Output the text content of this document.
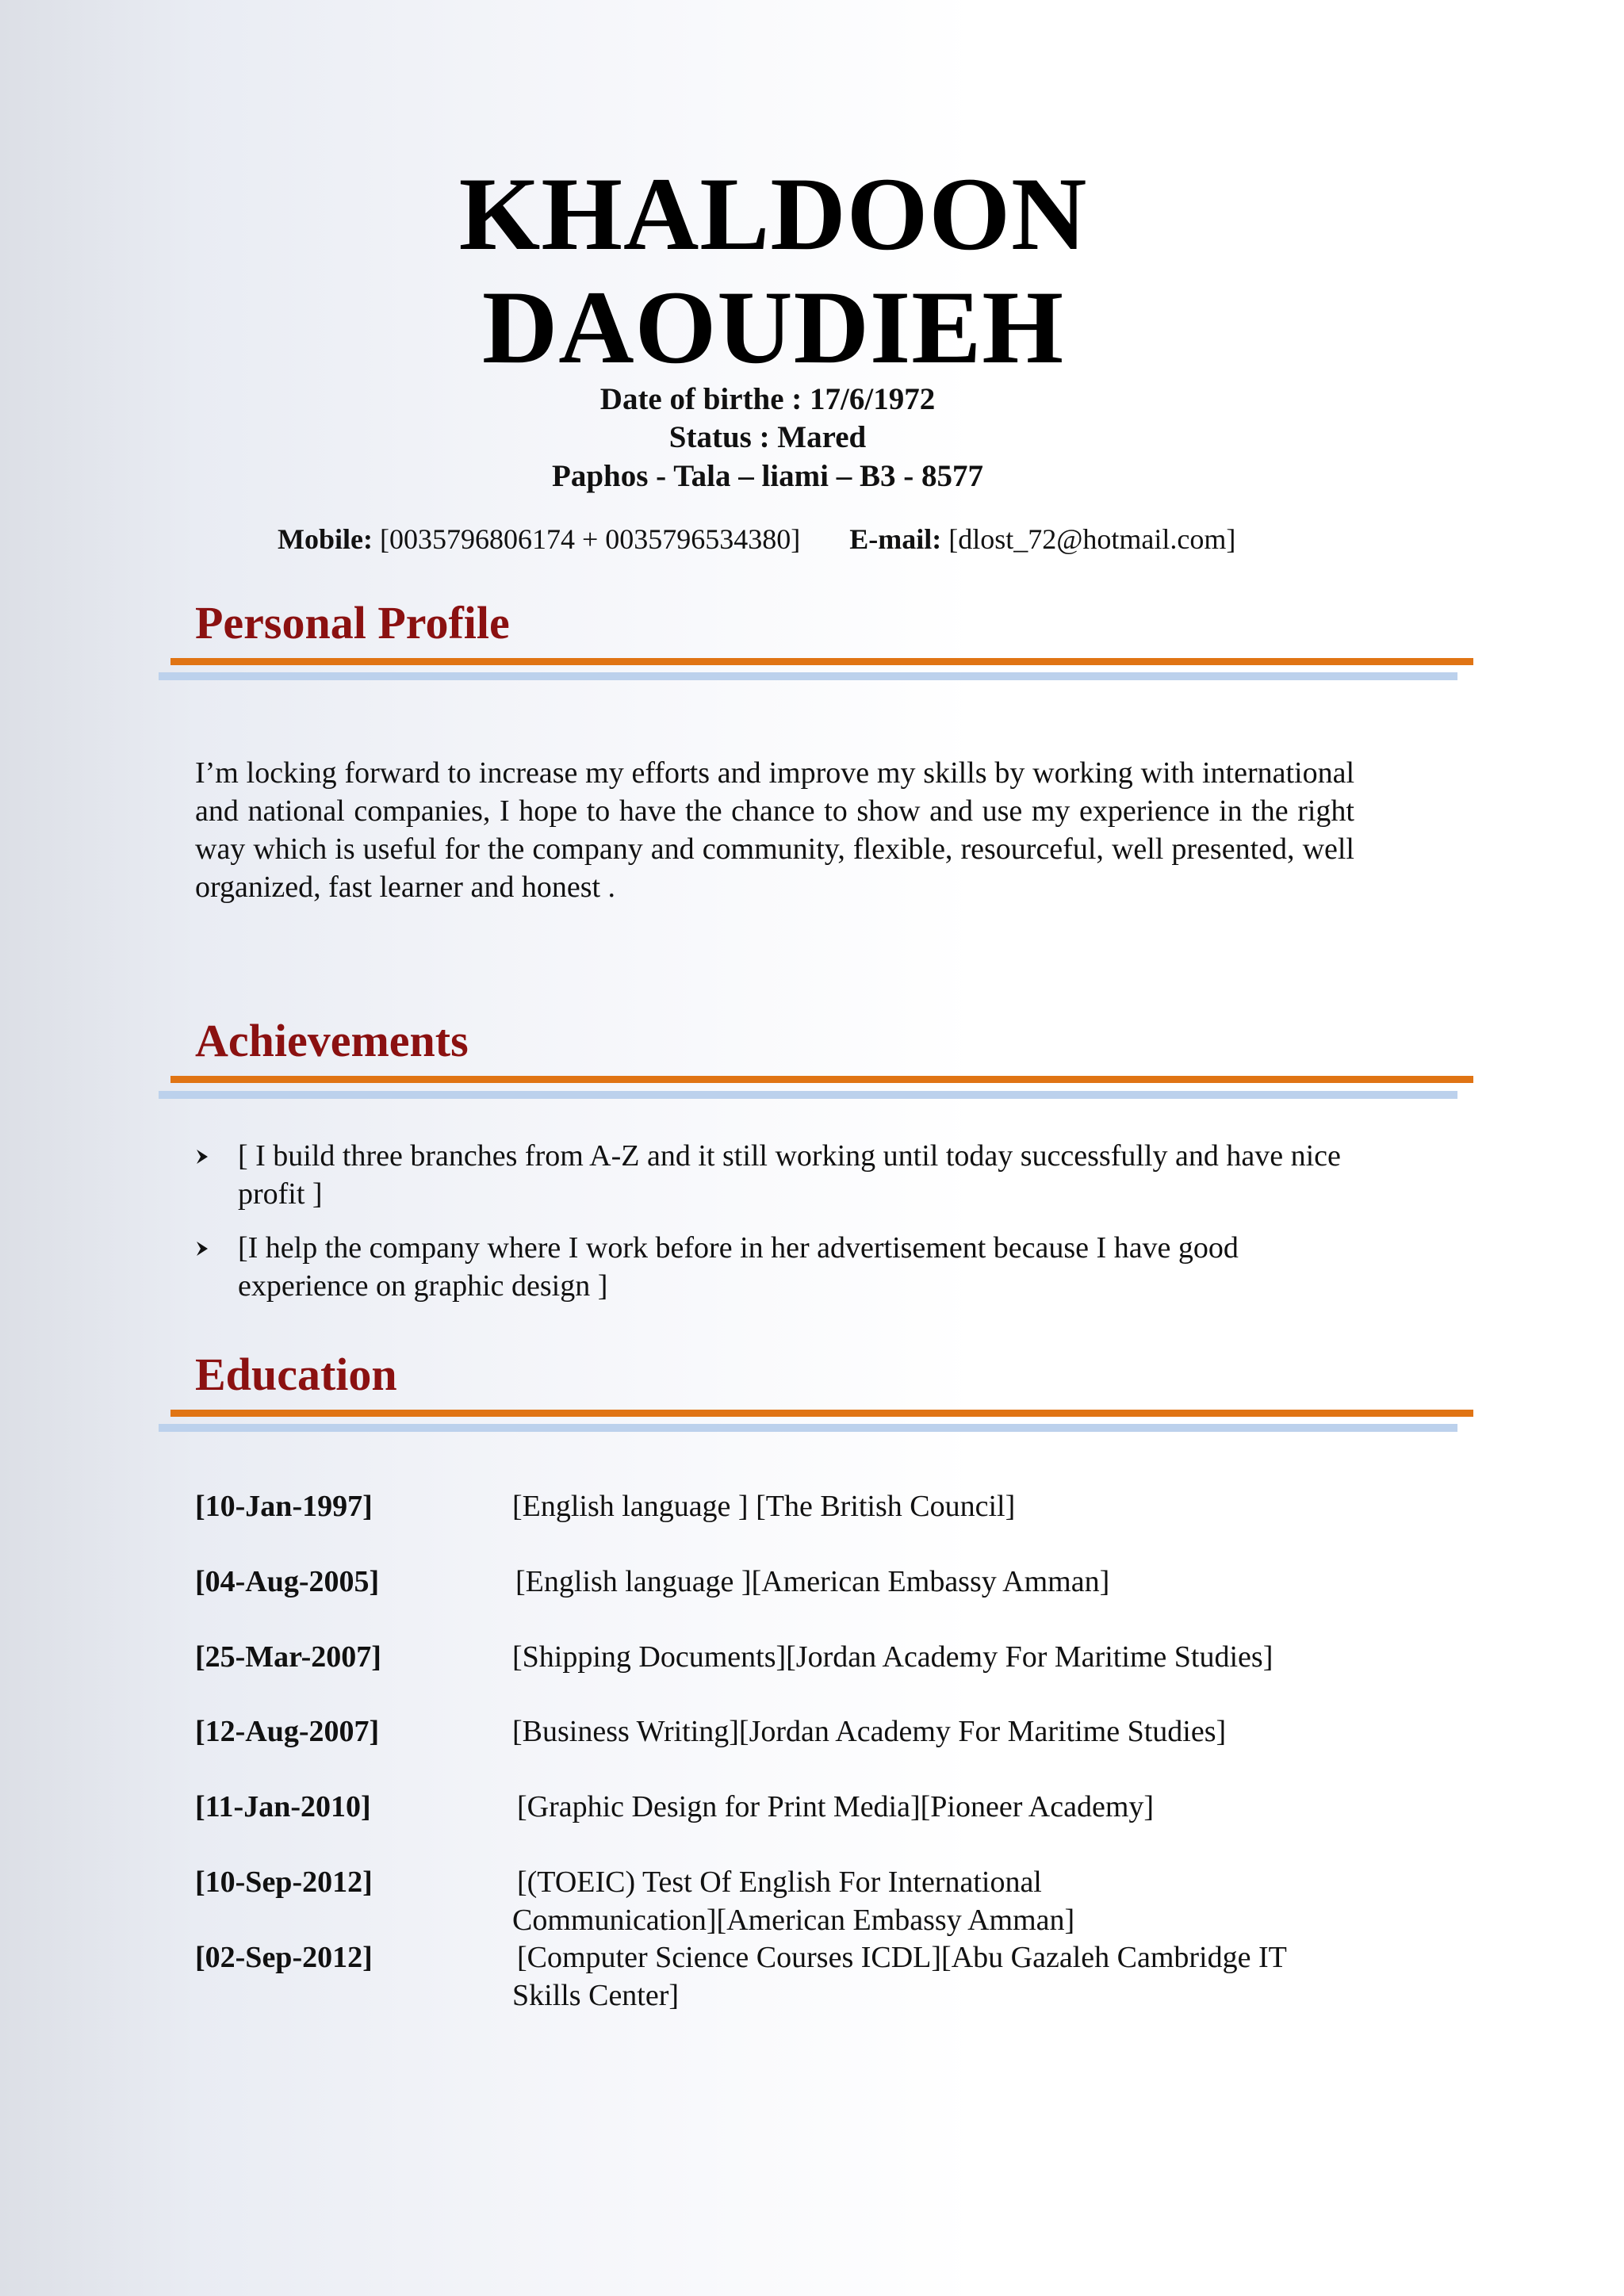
KHALDOON
DAOUDIEH
Date of birthe : 17/6/1972
Status : Mared
Paphos - Tala – liami – B3 - 8577
Mobile: [0035796806174 + 0035796534380] E-mail: [dlost_72@hotmail.com]
Personal Profile
I’m locking forward to increase my efforts and improve my skills by working with international and national companies, I hope to have the chance to show and use my experience in the right way which is useful for the company and community, flexible, resourceful, well presented, well organized, fast learner and honest .
Achievements
[ I build three branches from A-Z and it still working until today successfully and have nice profit ]
[I help the company where I work before in her advertisement because I have good experience on graphic design ]
Education
[10-Jan-1997]	[English language ] [The British Council]
[04-Aug-2005]	[English language ][American Embassy Amman]
[25-Mar-2007]	[Shipping Documents][Jordan Academy For Maritime Studies]
[12-Aug-2007]	[Business Writing][Jordan Academy For Maritime Studies]
[11-Jan-2010]	[Graphic Design for Print Media][Pioneer Academy]
[10-Sep-2012]	[(TOEIC) Test Of English For International Communication][American Embassy Amman]
[02-Sep-2012]	[Computer Science Courses ICDL][Abu Gazaleh Cambridge IT Skills Center]
